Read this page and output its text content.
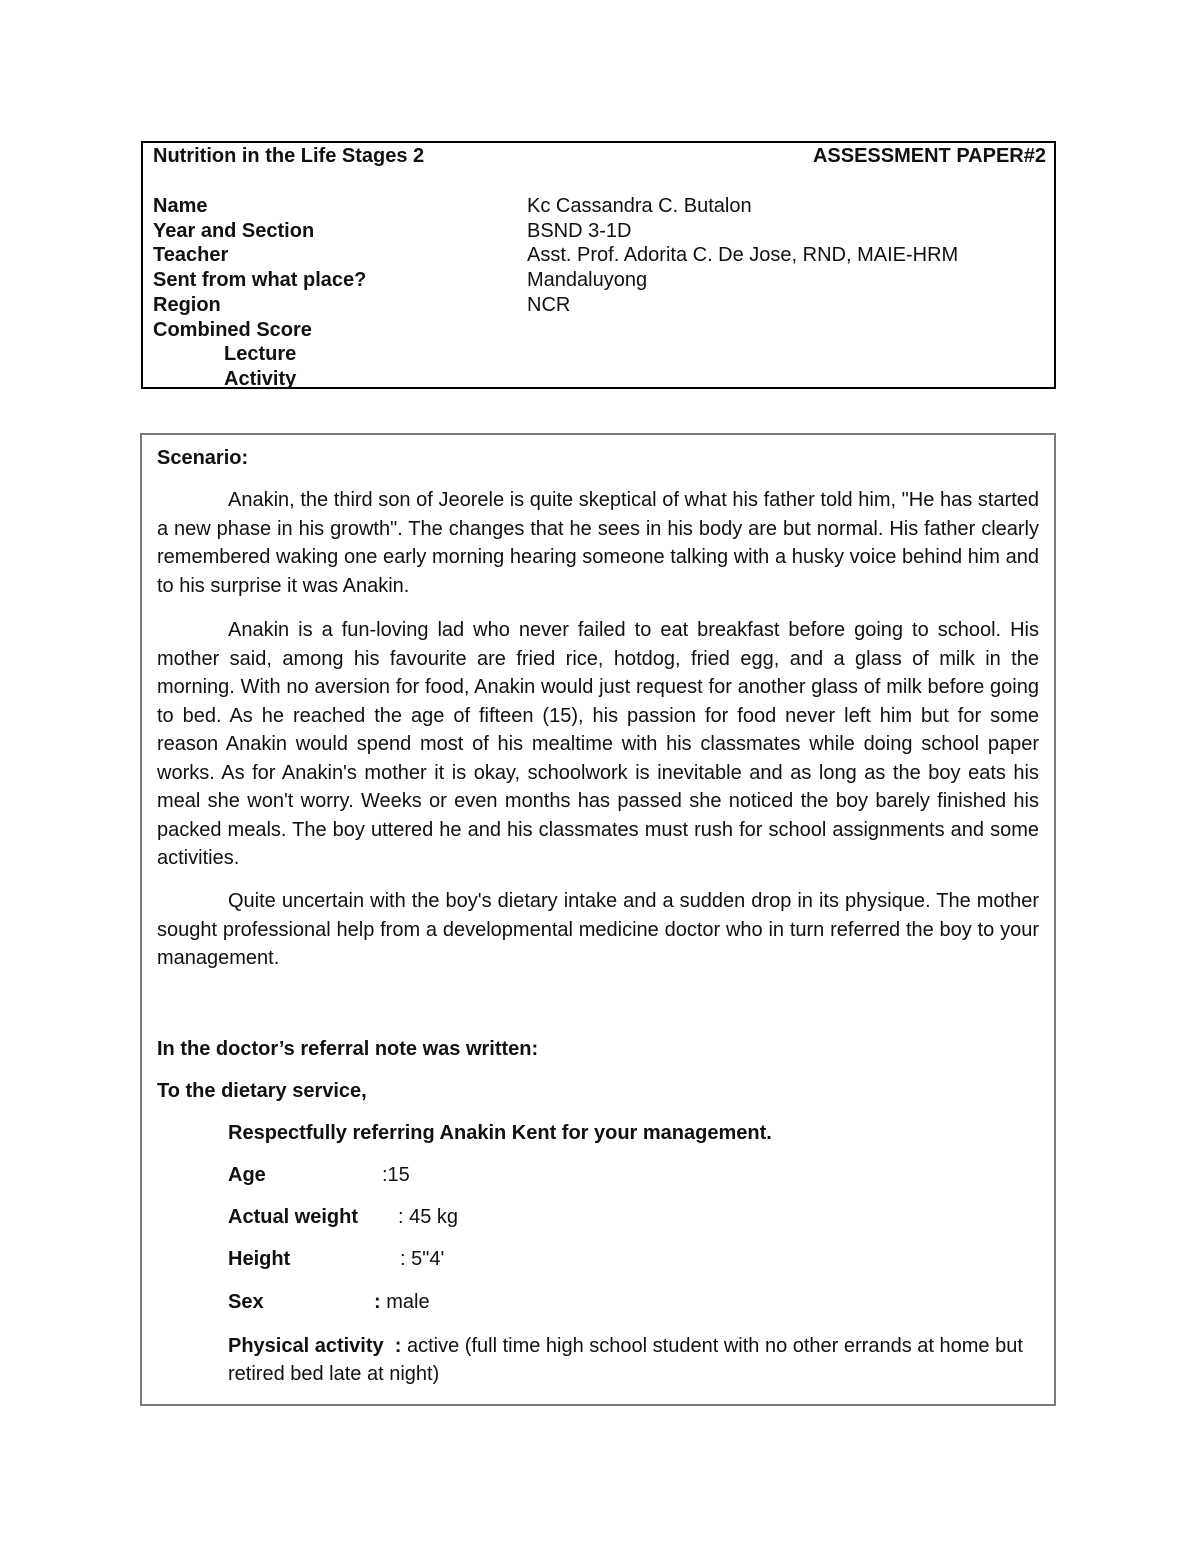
Nutrition in the Life Stages 2	ASSESSMENT PAPER#2
Name	Kc Cassandra C. Butalon
Year and Section	BSND 3-1D
Teacher	Asst. Prof. Adorita C. De Jose, RND, MAIE-HRM
Sent from what place?	Mandaluyong
Region	NCR
Combined Score
Lecture
Activity
Scenario:

Anakin, the third son of Jeorele is quite skeptical of what his father told him, "He has started a new phase in his growth". The changes that he sees in his body are but normal. His father clearly remembered waking one early morning hearing someone talking with a husky voice behind him and to his surprise it was Anakin.

Anakin is a fun-loving lad who never failed to eat breakfast before going to school. His mother said, among his favourite are fried rice, hotdog, fried egg, and a glass of milk in the morning. With no aversion for food, Anakin would just request for another glass of milk before going to bed. As he reached the age of fifteen (15), his passion for food never left him but for some reason Anakin would spend most of his mealtime with his classmates while doing school paper works. As for Anakin's mother it is okay, schoolwork is inevitable and as long as the boy eats his meal she won't worry. Weeks or even months has passed she noticed the boy barely finished his packed meals. The boy uttered he and his classmates must rush for school assignments and some activities.

Quite uncertain with the boy's dietary intake and a sudden drop in its physique. The mother sought professional help from a developmental medicine doctor who in turn referred the boy to your management.

In the doctor’s referral note was written:
To the dietary service,
Respectfully referring Anakin Kent for your management.
Age	:15
Actual weight : 45 kg
Height	: 5"4'
Sex	: male
Physical activity  : active (full time high school student with no other errands at home but retired bed late at night)
